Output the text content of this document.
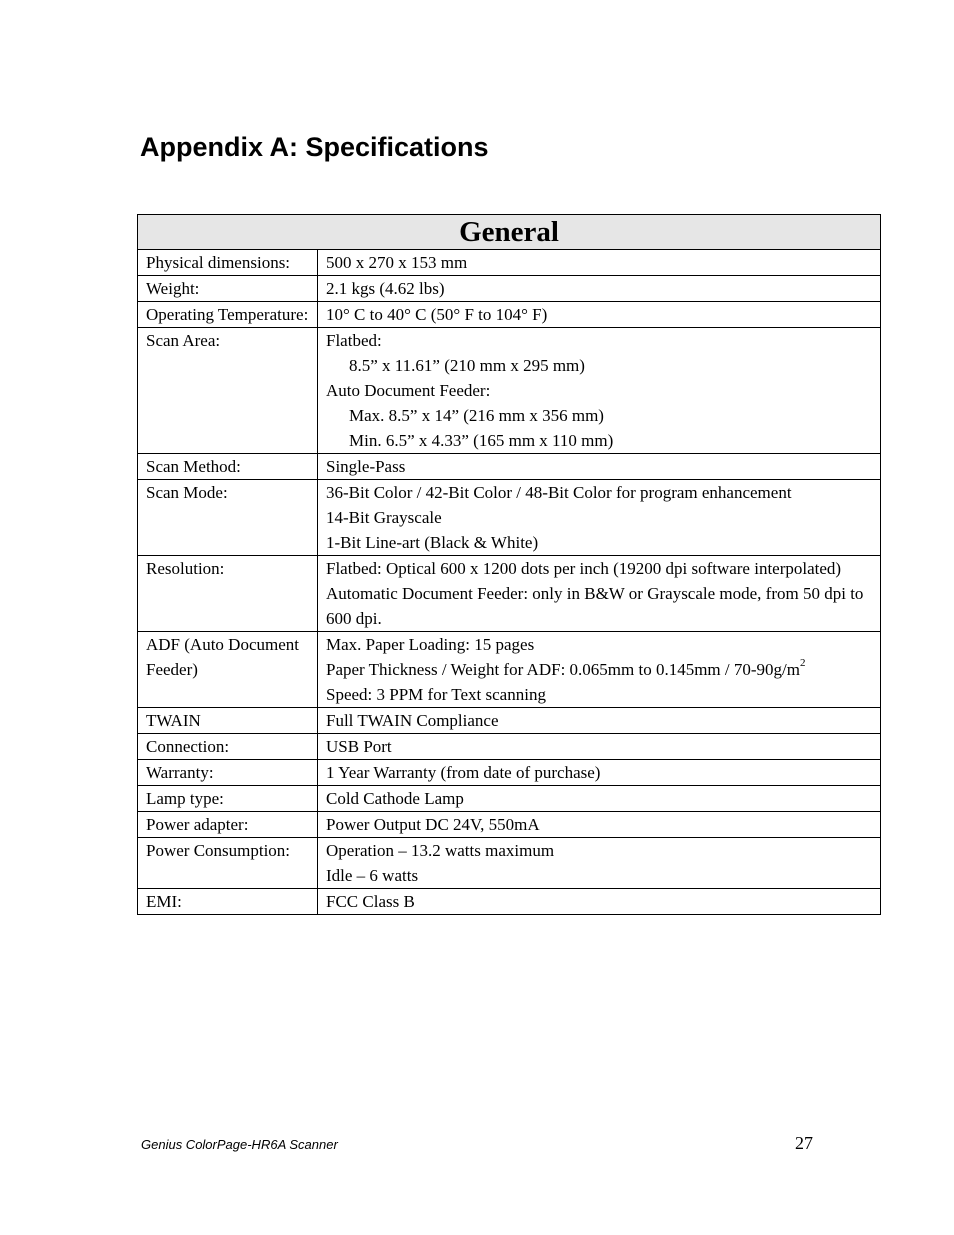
Appendix A: Specifications
General	
Physical dimensions:	500 x 270 x 153 mm

Weight:	2.1 kgs (4.62 lbs)

Operating Temperature:	10° C to 40° C (50° F to 104° F)

Scan Area:	Flatbed:
8.5” x 11.61” (210 mm x 295 mm)
Auto Document Feeder:
Max. 8.5” x 14” (216 mm x 356 mm)
Min. 6.5” x 4.33” (165 mm x 110 mm)

Scan Method:	Single-Pass

Scan Mode:	36-Bit Color / 42-Bit Color / 48-Bit Color for program enhancement
14-Bit Grayscale
1-Bit Line-art (Black & White)

Resolution:	Flatbed: Optical 600 x 1200 dots per inch (19200 dpi software interpolated)
Automatic Document Feeder: only in B&W or Grayscale mode, from 50 dpi to 600 dpi.

ADF (Auto Document Feeder)	Max. Paper Loading: 15 pages
Paper Thickness / Weight for ADF: 0.065mm to $0.145mm / 70-90g/m^2$
Speed: 3 PPM for Text scanning

TWAIN	Full TWAIN Compliance

Connection:	USB Port

Warranty:	1 Year Warranty (from date of purchase)

Lamp type:	Cold Cathode Lamp

Power adapter:	Power Output DC 24V, 550mA

Power Consumption:	Operation – 13.2 watts maximum
Idle – 6 watts

EMI:	FCC Class B
Genius ColorPage-HR6A Scanner	27
